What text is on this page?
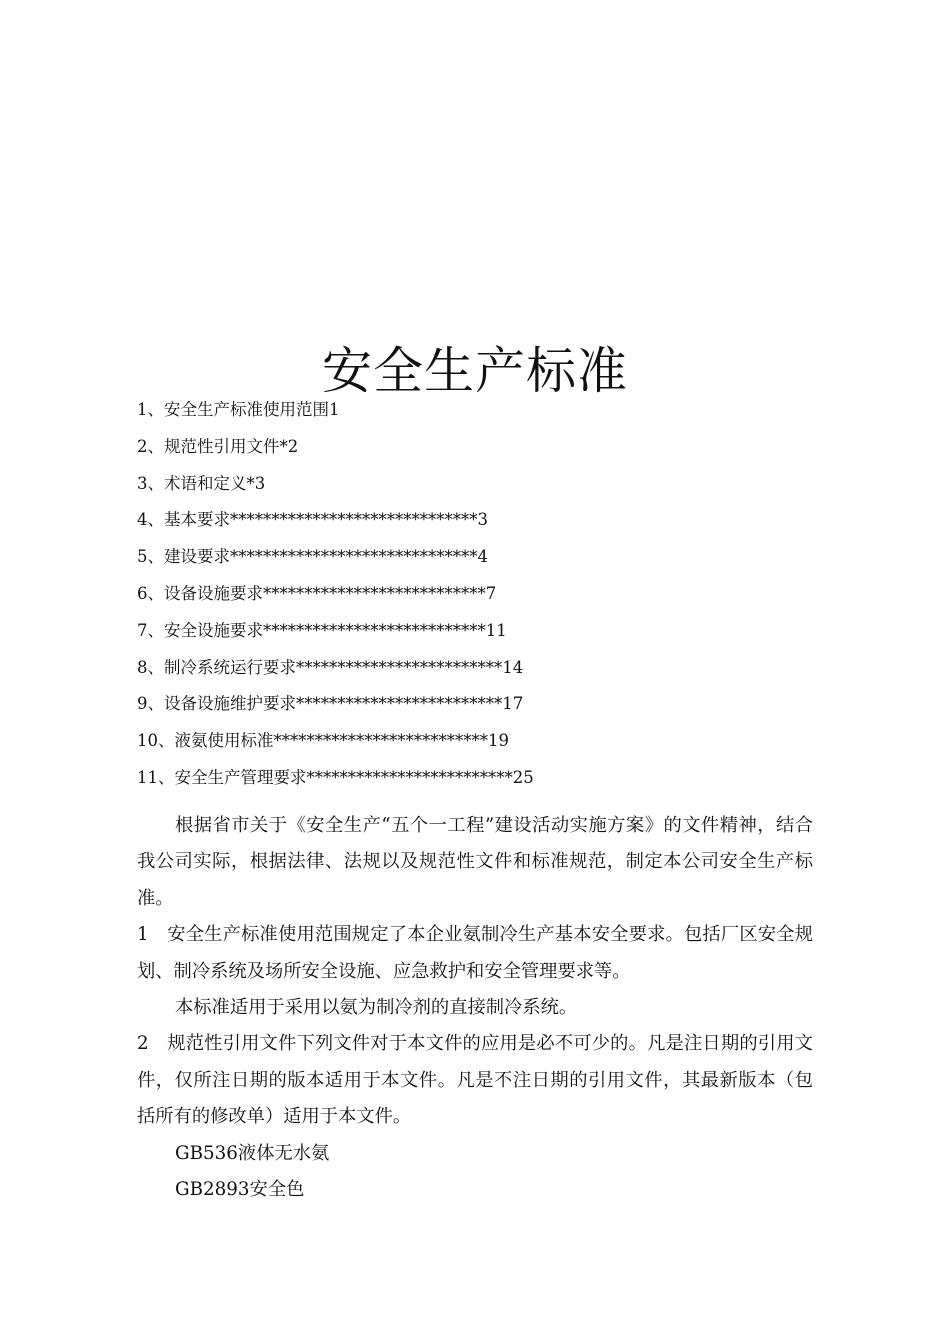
安全生产标准
1、安全生产标准使用范围1
2、规范性引用文件*2
3、术语和定义*3
4、基本要求******************************3
5、建设要求******************************4
6、设备设施要求***************************7
7、安全设施要求***************************11
8、制冷系统运行要求*************************14
9、设备设施维护要求*************************17
10、液氨使用标准**************************19
11、安全生产管理要求*************************25

根据省市关于《安全生产“五个一工程”建设活动实施方案》的文件精神，结合我公司实际，根据法律、法规以及规范性文件和标准规范，制定本公司安全生产标准。

1　安全生产标准使用范围规定了本企业氨制冷生产基本安全要求。包括厂区安全规划、制冷系统及场所安全设施、应急救护和安全管理要求等。

本标准适用于采用以氨为制冷剂的直接制冷系统。

2　规范性引用文件下列文件对于本文件的应用是必不可少的。凡是注日期的引用文件，仅所注日期的版本适用于本文件。凡是不注日期的引用文件，其最新版本（包括所有的修改单）适用于本文件。

GB536液体无水氨

GB2893安全色
